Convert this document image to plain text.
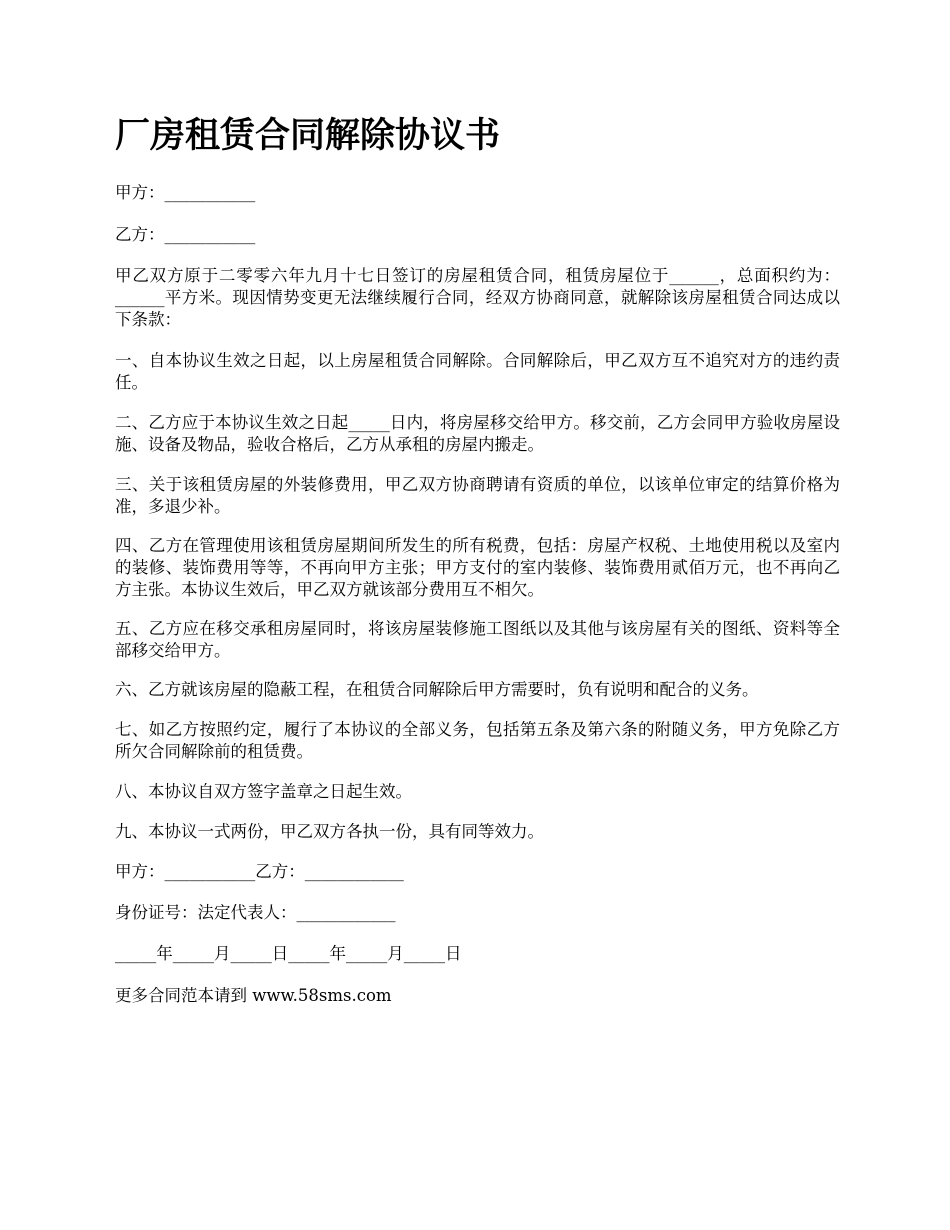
厂房租赁合同解除协议书

甲方：___________

乙方：___________

甲乙双方原于二零零六年九月十七日签订的房屋租赁合同，租赁房屋位于______，总面积约为：______平方米。现因情势变更无法继续履行合同，经双方协商同意，就解除该房屋租赁合同达成以下条款：

一、自本协议生效之日起，以上房屋租赁合同解除。合同解除后，甲乙双方互不追究对方的违约责任。

二、乙方应于本协议生效之日起_____日内，将房屋移交给甲方。移交前，乙方会同甲方验收房屋设施、设备及物品，验收合格后，乙方从承租的房屋内搬走。

三、关于该租赁房屋的外装修费用，甲乙双方协商聘请有资质的单位，以该单位审定的结算价格为准，多退少补。

四、乙方在管理使用该租赁房屋期间所发生的所有税费，包括：房屋产权税、土地使用税以及室内的装修、装饰费用等等，不再向甲方主张；甲方支付的室内装修、装饰费用贰佰万元，也不再向乙方主张。本协议生效后，甲乙双方就该部分费用互不相欠。

五、乙方应在移交承租房屋同时，将该房屋装修施工图纸以及其他与该房屋有关的图纸、资料等全部移交给甲方。

六、乙方就该房屋的隐蔽工程，在租赁合同解除后甲方需要时，负有说明和配合的义务。

七、如乙方按照约定，履行了本协议的全部义务，包括第五条及第六条的附随义务，甲方免除乙方所欠合同解除前的租赁费。

八、本协议自双方签字盖章之日起生效。

九、本协议一式两份，甲乙双方各执一份，具有同等效力。

甲方：___________乙方：____________

身份证号：法定代表人：____________

_____年_____月_____日_____年_____月_____日

更多合同范本请到 www.58sms.com
